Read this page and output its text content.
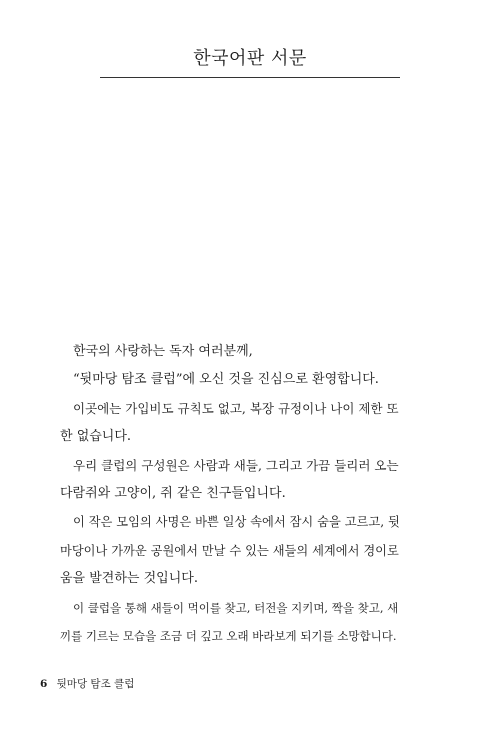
한국어판 서문
한국의 사랑하는 독자 여러분께,
“뒷마당 탐조 클럽”에 오신 것을 진심으로 환영합니다.
이곳에는 가입비도 규칙도 없고, 복장 규정이나 나이 제한 또
한 없습니다.
우리 클럽의 구성원은 사람과 새들, 그리고 가끔 들리러 오는
다람쥐와 고양이, 쥐 같은 친구들입니다.
이 작은 모임의 사명은 바쁜 일상 속에서 잠시 숨을 고르고, 뒷
마당이나 가까운 공원에서 만날 수 있는 새들의 세계에서 경이로
움을 발견하는 것입니다.
이 클럽을 통해 새들이 먹이를 찾고, 터전을 지키며, 짝을 찾고, 새
끼를 기르는 모습을 조금 더 깊고 오래 바라보게 되기를 소망합니다.
6 뒷마당 탐조 클럽
